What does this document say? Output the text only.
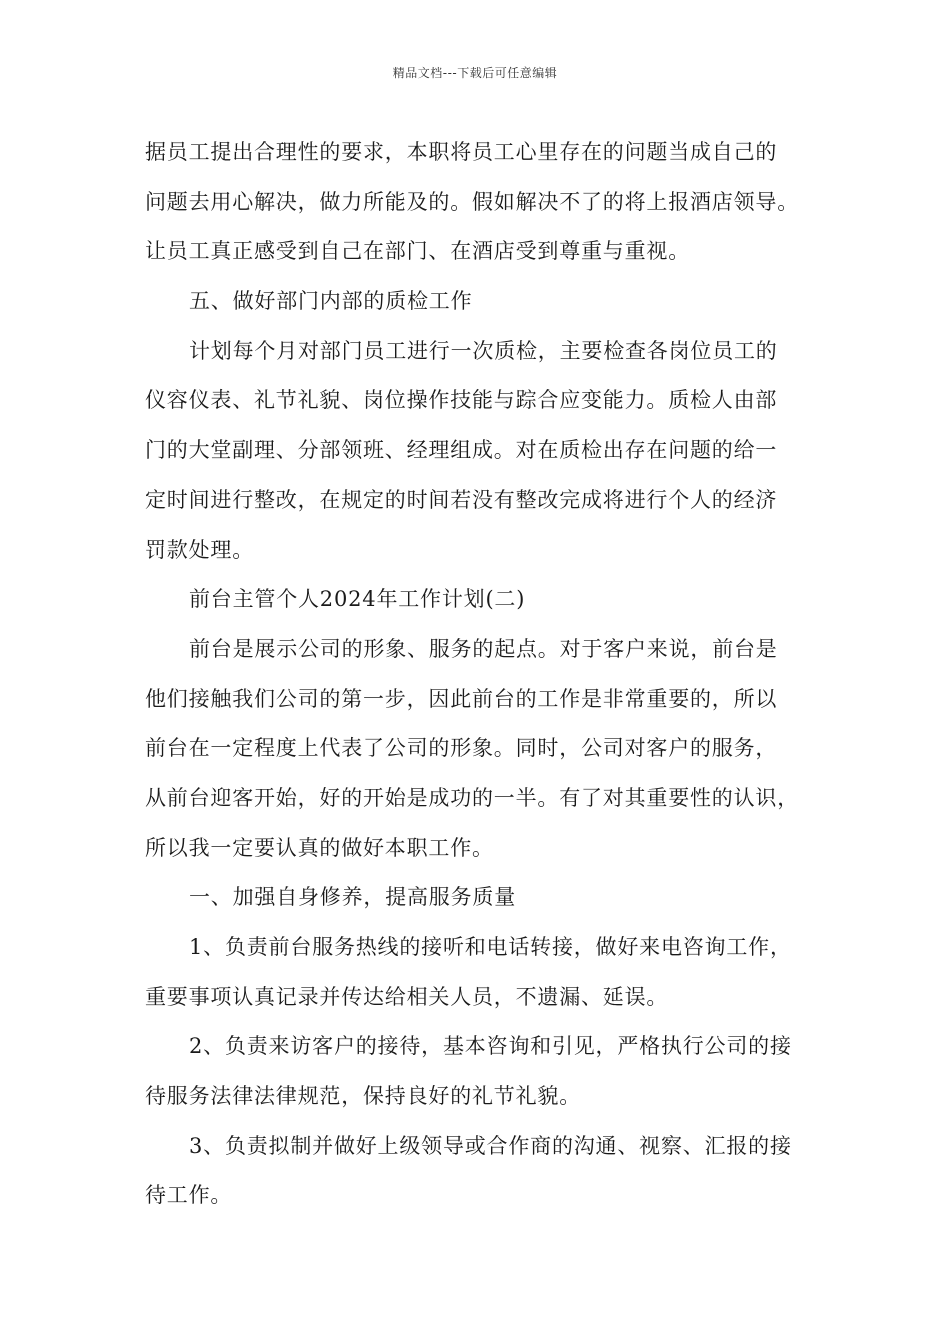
精品文档---下载后可任意编辑
据员工提出合理性的要求，本职将员工心里存在的问题当成自己的
问题去用心解决，做力所能及的。假如解决不了的将上报酒店领导。
让员工真正感受到自己在部门、在酒店受到尊重与重视。
五、做好部门内部的质检工作
计划每个月对部门员工进行一次质检，主要检查各岗位员工的
仪容仪表、礼节礼貌、岗位操作技能与踪合应变能力。质检人由部
门的大堂副理、分部领班、经理组成。对在质检出存在问题的给一
定时间进行整改，在规定的时间若没有整改完成将进行个人的经济
罚款处理。
前台主管个人2024年工作计划(二)
前台是展示公司的形象、服务的起点。对于客户来说，前台是
他们接触我们公司的第一步，因此前台的工作是非常重要的，所以
前台在一定程度上代表了公司的形象。同时，公司对客户的服务，
从前台迎客开始，好的开始是成功的一半。有了对其重要性的认识，
所以我一定要认真的做好本职工作。
一、加强自身修养，提高服务质量
1、负责前台服务热线的接听和电话转接，做好来电咨询工作，
重要事项认真记录并传达给相关人员，不遗漏、延误。
2、负责来访客户的接待，基本咨询和引见，严格执行公司的接
待服务法律法律规范，保持良好的礼节礼貌。
3、负责拟制并做好上级领导或合作商的沟通、视察、汇报的接
待工作。
